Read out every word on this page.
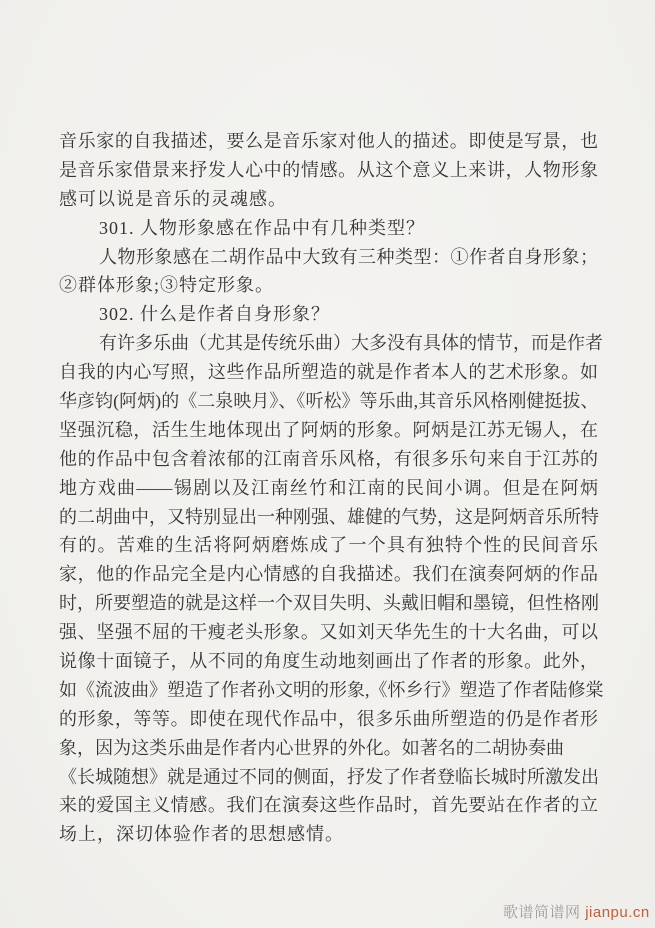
音乐家的自我描述，要么是音乐家对他人的描述。即使是写景，也
是音乐家借景来抒发人心中的情感。从这个意义上来讲，人物形象
感可以说是音乐的灵魂感。
301. 人物形象感在作品中有几种类型？
人物形象感在二胡作品中大致有三种类型：①作者自身形象；
②群体形象;③特定形象。
302. 什么是作者自身形象？
有许多乐曲（尤其是传统乐曲）大多没有具体的情节，而是作者
自我的内心写照，这些作品所塑造的就是作者本人的艺术形象。如
华彦钧(阿炳)的《二泉映月》、《听松》等乐曲,其音乐风格刚健挺拔、
坚强沉稳，活生生地体现出了阿炳的形象。阿炳是江苏无锡人，在
他的作品中包含着浓郁的江南音乐风格，有很多乐句来自于江苏的
地方戏曲——锡剧以及江南丝竹和江南的民间小调。但是在阿炳
的二胡曲中，又特别显出一种刚强、雄健的气势，这是阿炳音乐所特
有的。苦难的生活将阿炳磨炼成了一个具有独特个性的民间音乐
家，他的作品完全是内心情感的自我描述。我们在演奏阿炳的作品
时，所要塑造的就是这样一个双目失明、头戴旧帽和墨镜，但性格刚
强、坚强不屈的干瘦老头形象。又如刘天华先生的十大名曲，可以
说像十面镜子，从不同的角度生动地刻画出了作者的形象。此外，
如《流波曲》塑造了作者孙文明的形象,《怀乡行》塑造了作者陆修棠
的形象，等等。即使在现代作品中，很多乐曲所塑造的仍是作者形
象，因为这类乐曲是作者内心世界的外化。如著名的二胡协奏曲
《长城随想》就是通过不同的侧面，抒发了作者登临长城时所激发出
来的爱国主义情感。我们在演奏这些作品时，首先要站在作者的立
场上，深切体验作者的思想感情。
歌谱简谱网 jianpu.cn
